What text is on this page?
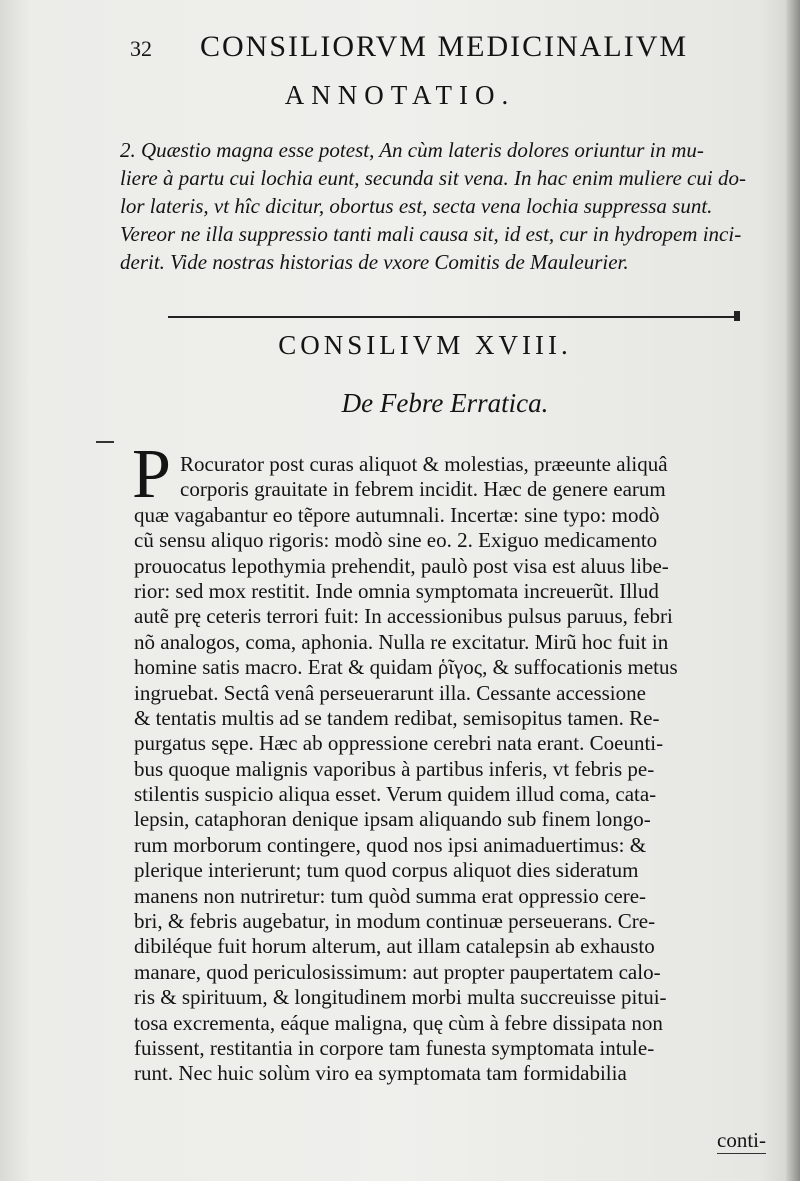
32 CONSILIORVM MEDICINALIVM
ANNOTATIO.
2. Quæstio magna esse potest, An cùm lateris dolores oriuntur in mu-
liere à partu cui lochia eunt, secunda sit vena. In hac enim muliere cui do-
lor lateris, vt hîc dicitur, obortus est, secta vena lochia suppressa sunt.
Vereor ne illa suppressio tanti mali causa sit, id est, cur in hydropem inci-
derit. Vide nostras historias de vxore Comitis de Mauleurier.
CONSILIVM XVIII.
De Febre Erratica.
P Rocurator post curas aliquot & molestias, præeunte aliquâ
corporis grauitate in febrem incidit. Hæc de genere earum
quæ vagabantur eo tẽpore autumnali. Incertæ: sine typo: modò
cũ sensu aliquo rigoris: modò sine eo. 2. Exiguo medicamento
prouocatus lepothymia prehendit, paulò post visa est aluus libe-
rior: sed mox restitit. Inde omnia symptomata increuerũt. Illud
autẽ prę ceteris terrori fuit: In accessionibus pulsus paruus, febri
nõ analogos, coma, aphonia. Nulla re excitatur. Mirũ hoc fuit in
homine satis macro. Erat & quidam ῥῖγος, & suffocationis metus
ingruebat. Sectâ venâ perseuerarunt illa. Cessante accessione
& tentatis multis ad se tandem redibat, semisopitus tamen. Re-
purgatus sępe. Hæc ab oppressione cerebri nata erant. Coeunti-
bus quoque malignis vaporibus à partibus inferis, vt febris pe-
stilentis suspicio aliqua esset. Verum quidem illud coma, cata-
lepsin, cataphoran denique ipsam aliquando sub finem longo-
rum morborum contingere, quod nos ipsi animaduertimus: &
plerique interierunt; tum quod corpus aliquot dies sideratum
manens non nutriretur: tum quòd summa erat oppressio cere-
bri, & febris augebatur, in modum continuæ perseuerans. Cre-
dibiléque fuit horum alterum, aut illam catalepsin ab exhausto
manare, quod periculosissimum: aut propter paupertatem calo-
ris & spirituum, & longitudinem morbi multa succreuisse pitui-
tosa excrementa, eáque maligna, quę cùm à febre dissipata non
fuissent, restitantia in corpore tam funesta symptomata intule-
runt. Nec huic solùm viro ea symptomata tam formidabilia
conti-
